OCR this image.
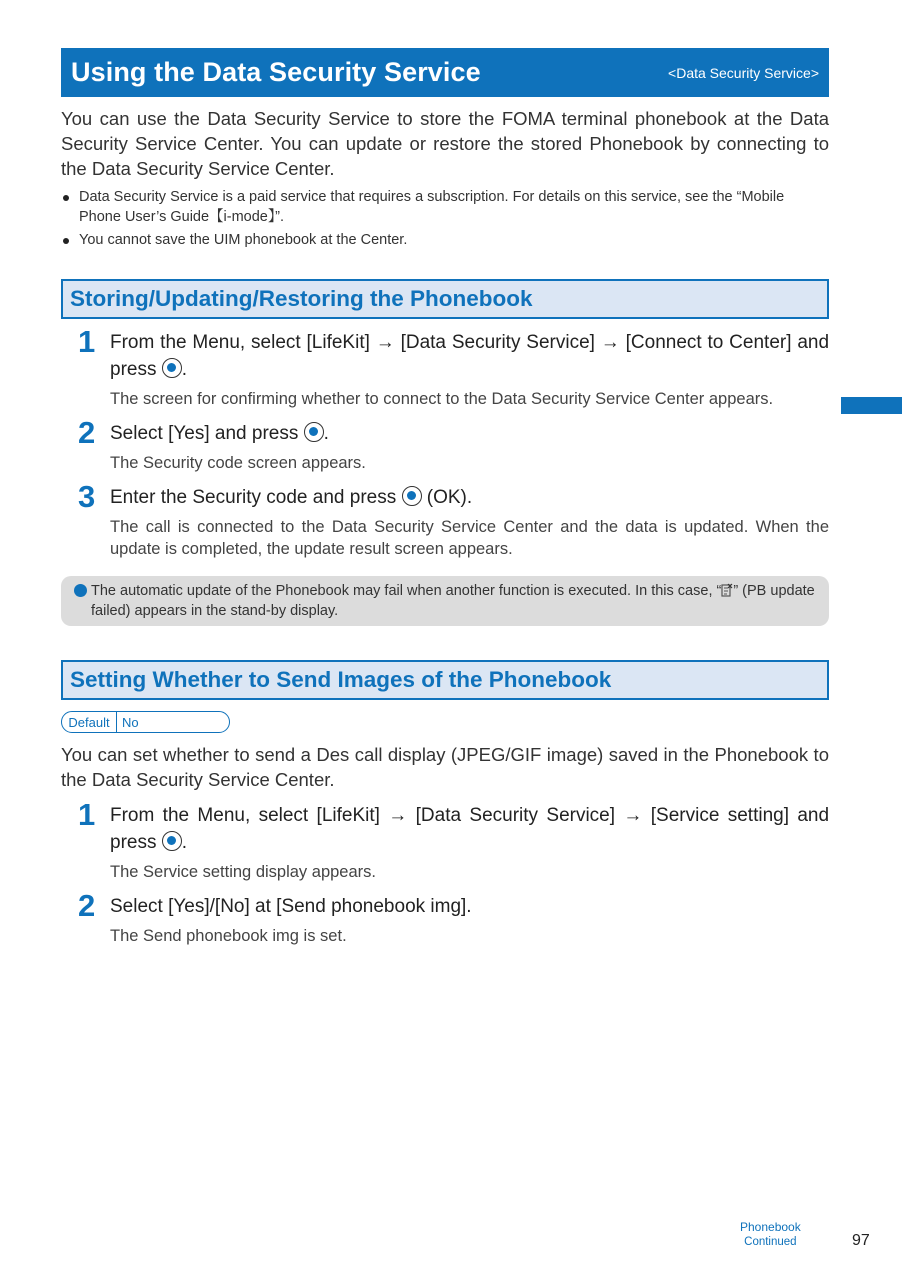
Using the Data Security Service	<Data Security Service>

You can use the Data Security Service to store the FOMA terminal phonebook at the Data Security Service Center. You can update or restore the stored Phonebook by connecting to the Data Security Service Center.

Data Security Service is a paid service that requires a subscription. For details on this service, see the “Mobile Phone User’s Guide【i-mode】”.
You cannot save the UIM phonebook at the Center.
Storing/Updating/Restoring the Phonebook
1 From the Menu, select [LifeKit] → [Data Security Service] → [Connect to Center] and press .
The screen for confirming whether to connect to the Data Security Service Center appears.
2 Select [Yes] and press .
The Security code screen appears.
3 Enter the Security code and press (OK).
The call is connected to the Data Security Service Center and the data is updated. When the update is completed, the update result screen appears.
The automatic update of the Phonebook may fail when another function is executed. In this case, “ ” (PB update failed) appears in the stand-by display.
Setting Whether to Send Images of the Phonebook
Default No

You can set whether to send a Des call display (JPEG/GIF image) saved in the Phonebook to the Data Security Service Center.

1 From the Menu, select [LifeKit] → [Data Security Service] → [Service setting] and press .
The Service setting display appears.
2 Select [Yes]/[No] at [Send phonebook img].
The Send phonebook img is set.
Phonebook
Continued	97
